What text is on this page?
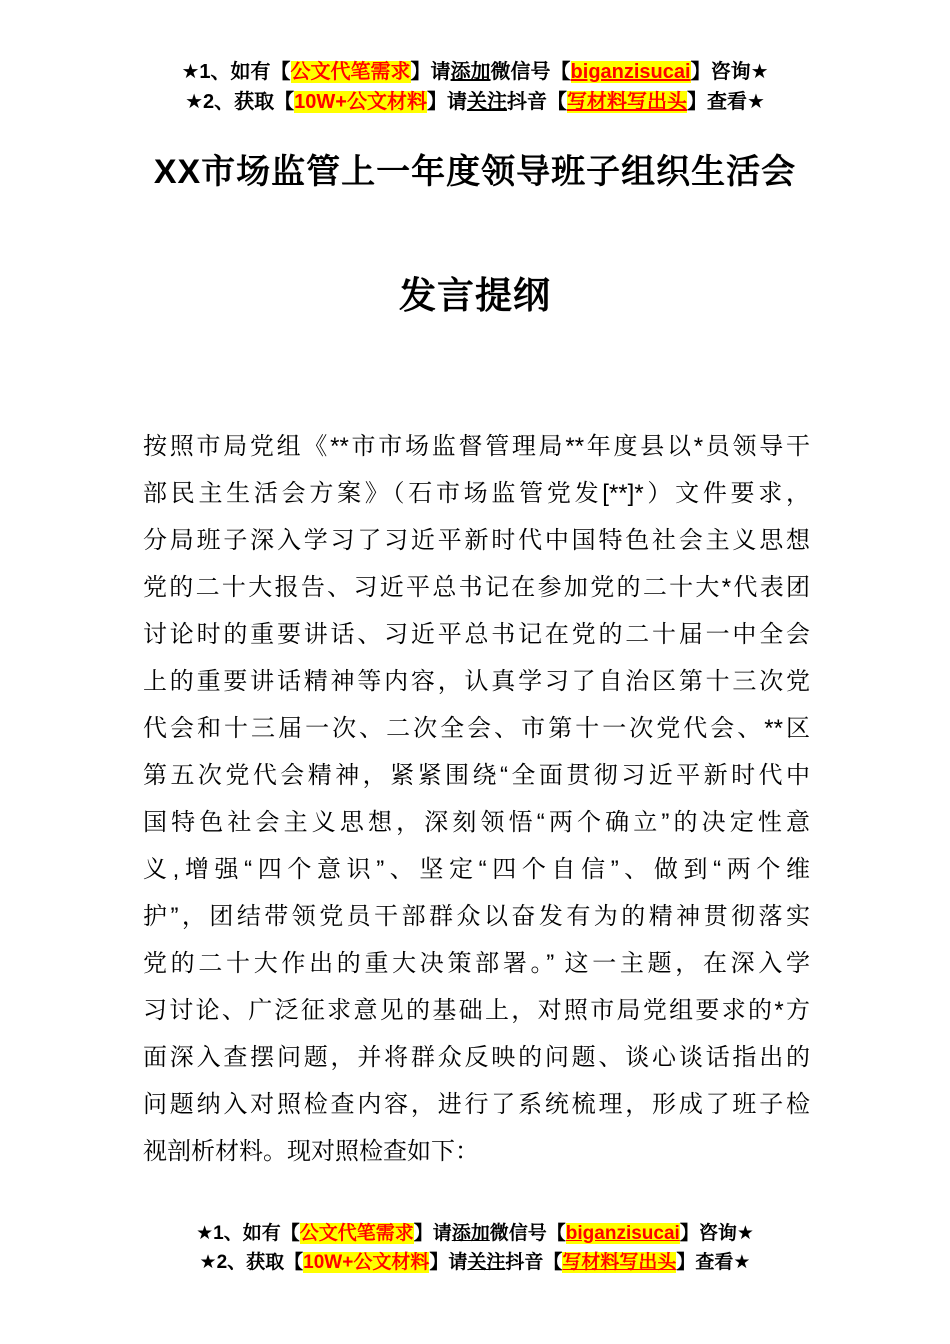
★1、如有【公文代笔需求】请添加微信号【biganzisucai】咨询★
★2、获取【10W+公文材料】请关注抖音【写材料写出头】查看★
XX市场监管上一年度领导班子组织生活会
发言提纲
按照市局党组《**市市场监督管理局**年度县以*员领导干
部民主生活会方案》（石市场监管党发[**]*）文件要求，
分局班子深入学习了习近平新时代中国特色社会主义思想
党的二十大报告、习近平总书记在参加党的二十大*代表团
讨论时的重要讲话、习近平总书记在党的二十届一中全会
上的重要讲话精神等内容，认真学习了自治区第十三次党
代会和十三届一次、二次全会、市第十一次党代会、**区
第五次党代会精神，紧紧围绕“全面贯彻习近平新时代中
国特色社会主义思想，深刻领悟“两个确立”的决定性意
义,增强“四个意识”、坚定“四个自信”、做到“两个维
护”，团结带领党员干部群众以奋发有为的精神贯彻落实
党的二十大作出的重大决策部署。” 这一主题，在深入学
习讨论、广泛征求意见的基础上，对照市局党组要求的*方
面深入查摆问题，并将群众反映的问题、谈心谈话指出的
问题纳入对照检查内容，进行了系统梳理，形成了班子检
视剖析材料。现对照检查如下：
★1、如有【公文代笔需求】请添加微信号【biganzisucai】咨询★
★2、获取【10W+公文材料】请关注抖音【写材料写出头】查看★
